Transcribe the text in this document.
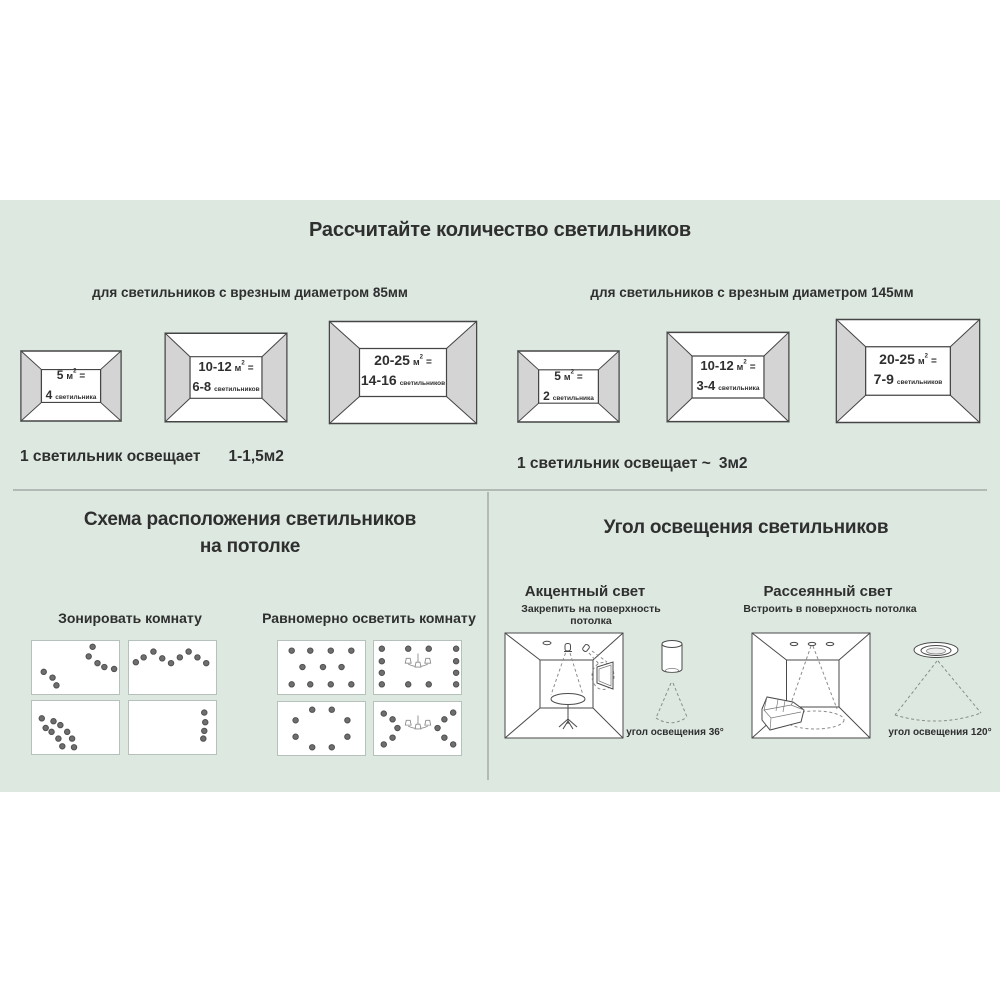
Рассчитайте количество светильников
для светильников с врезным диаметром 85мм
5 $м^2$ =
4 светильника
10-12 $м^2$ =
6-8 светильников
20-25 $м^2$ =
14-16 светильников
1 светильник освещает 1-1,5м2
для светильников с врезным диаметром 145мм
5 $м^2$ =
2 светильника
10-12 $м^2$ =
3-4 светильника
20-25 $м^2$ =
7-9 светильников
1 светильник освещает ~ 3м2
Схема расположения светильников
на потолке
Зонировать комнату	Равномерно осветить комнату
Угол освещения светильников
Акцентный свет
Закрепить на поверхность потолка
Рассеянный свет
Встроить в поверхность потолка
угол освещения 36°	угол освещения 120°
